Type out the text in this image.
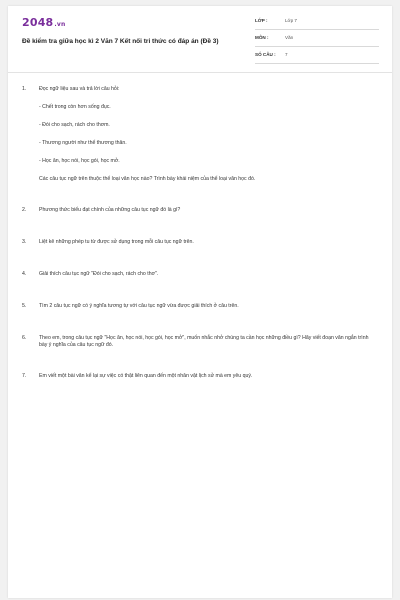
2048.vn
Đề kiểm tra giữa học kì 2 Văn 7 Kết nối tri thức có đáp án (Đề 3)
LỚP :	Lớp 7
MÔN :	Văn
SỐ CÂU : 7
1. Đọc ngữ liệu sau và trả lời câu hỏi:
- Chết trong còn hơn sống đục.
- Đói cho sạch, rách cho thơm.
- Thương người như thể thương thân.
- Học ăn, học nói, học gói, học mở.
Các câu tục ngữ trên thuộc thể loại văn học nào? Trình bày khái niệm của thể loại văn học đó.
2. Phương thức biểu đạt chính của những câu tục ngữ đó là gì?
3. Liệt kê những phép tu từ được sử dụng trong mỗi câu tục ngữ trên.
4. Giải thích câu tục ngữ "Đói cho sạch, rách cho thơ".
5. Tìm 2 câu tục ngữ có ý nghĩa tương tự với câu tục ngữ vừa được giải thích ở câu trên.
6. Theo em, trong câu tục ngữ "Học ăn, học nói, học gói, học mở", muốn nhắc nhở chúng ta cần học những điều gì? Hãy viết đoạn văn ngắn trình bày ý nghĩa của câu tục ngữ đó.
7. Em viết một bài văn kể lại sự việc có thật liên quan đến một nhân vật lịch sử mà em yêu quý.
